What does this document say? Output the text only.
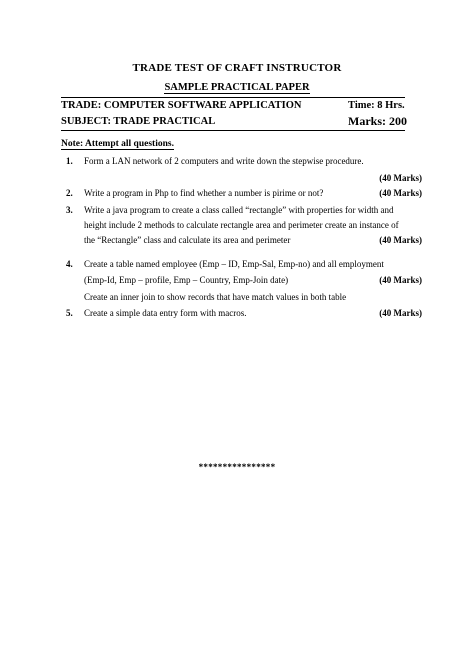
TRADE TEST OF CRAFT INSTRUCTOR
SAMPLE PRACTICAL PAPER
TRADE: COMPUTER SOFTWARE APPLICATION	Time: 8 Hrs.
SUBJECT: TRADE PRACTICAL	Marks: 200
Note: Attempt all questions.
1. Form a LAN network of 2 computers and write down the stepwise procedure.
(40 Marks)
2. Write a program in Php to find whether a number is pirime or not?	(40 Marks)
3. Write a java program to create a class called “rectangle” with properties for width and
height include 2 methods to calculate rectangle area and perimeter create an instance of
the “Rectangle” class and calculate its area and perimeter	(40 Marks)
4. Create a table named employee (Emp – ID, Emp-Sal, Emp-no) and all employment
(Emp-Id, Emp – profile, Emp – Country, Emp-Join date)	(40 Marks)
Create an inner join to show records that have match values in both table
5. Create a simple data entry form with macros.	(40 Marks)
****************
